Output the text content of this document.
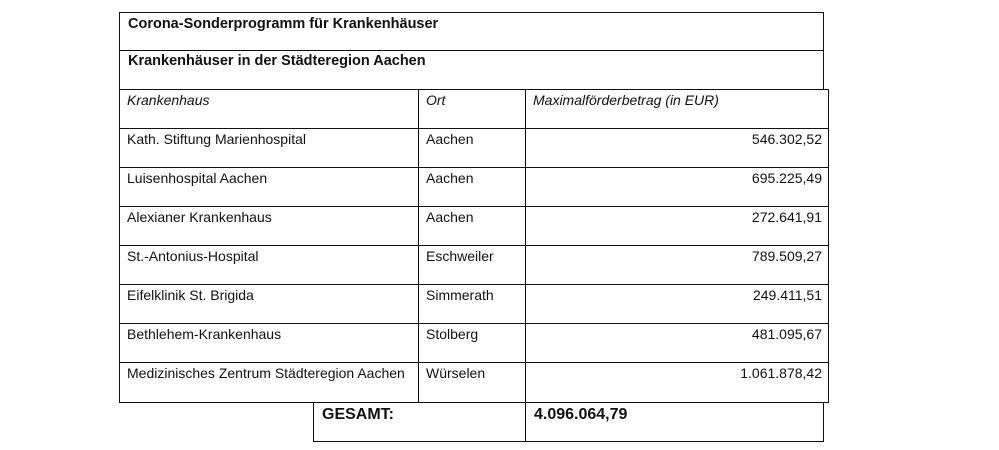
Corona-Sonderprogramm für Krankenhäuser
Krankenhäuser in der Städteregion Aachen
Krankenhaus	Ort	Maximalförderbetrag (in EUR)
Kath. Stiftung Marienhospital	Aachen	546.302,52
Luisenhospital Aachen	Aachen	695.225,49
Alexianer Krankenhaus	Aachen	272.641,91
St.-Antonius-Hospital	Eschweiler	789.509,27
Eifelklinik St. Brigida	Simmerath	249.411,51
Bethlehem-Krankenhaus	Stolberg	481.095,67
Medizinisches Zentrum Städteregion Aachen	Würselen	1.061.878,42
GESAMT:	4.096.064,79
